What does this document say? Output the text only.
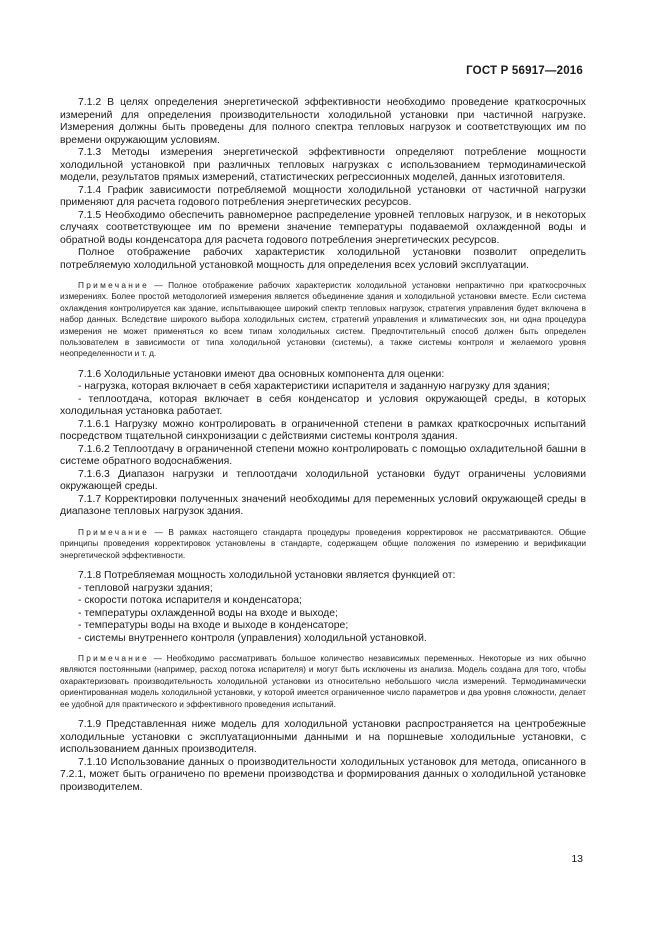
ГОСТ Р 56917—2016

7.1.2 В целях определения энергетической эффективности необходимо проведение краткосрочных измерений для определения производительности холодильной установки при частичной нагрузке. Измерения должны быть проведены для полного спектра тепловых нагрузок и соответствующих им по времени окружающим условиям.

7.1.3 Методы измерения энергетической эффективности определяют потребление мощности холодильной установкой при различных тепловых нагрузках с использованием термодинамической модели, результатов прямых измерений, статистических регрессионных моделей, данных изготовителя.

7.1.4 График зависимости потребляемой мощности холодильной установки от частичной нагрузки применяют для расчета годового потребления энергетических ресурсов.

7.1.5 Необходимо обеспечить равномерное распределение уровней тепловых нагрузок, и в некоторых случаях соответствующее им по времени значение температуры подаваемой охлажденной воды и обратной воды конденсатора для расчета годового потребления энергетических ресурсов.

Полное отображение рабочих характеристик холодильной установки позволит определить потребляемую холодильной установкой мощность для определения всех условий эксплуатации.

Примечание — Полное отображение рабочих характеристик холодильной установки непрактично при краткосрочных измерениях. Более простой методологией измерения является объединение здания и холодильной установки вместе. Если система охлаждения контролируется как здание, испытывающее широкий спектр тепловых нагрузок, стратегия управления будет включена в набор данных. Вследствие широкого выбора холодильных систем, стратегий управления и климатических зон, ни одна процедура измерения не может применяться ко всем типам холодильных систем. Предпочтительный способ должен быть определен пользователем в зависимости от типа холодильной установки (системы), а также системы контроля и желаемого уровня неопределенности и т. д.

7.1.6 Холодильные установки имеют два основных компонента для оценки:

- нагрузка, которая включает в себя характеристики испарителя и заданную нагрузку для здания;

- теплоотдача, которая включает в себя конденсатор и условия окружающей среды, в которых холодильная установка работает.

7.1.6.1 Нагрузку можно контролировать в ограниченной степени в рамках краткосрочных испытаний посредством тщательной синхронизации с действиями системы контроля здания.

7.1.6.2 Теплоотдачу в ограниченной степени можно контролировать с помощью охладительной башни в системе обратного водоснабжения.

7.1.6.3 Диапазон нагрузки и теплоотдачи холодильной установки будут ограничены условиями окружающей среды.

7.1.7 Корректировки полученных значений необходимы для переменных условий окружающей среды в диапазоне тепловых нагрузок здания.

Примечание — В рамках настоящего стандарта процедуры проведения корректировок не рассматриваются. Общие принципы проведения корректировок установлены в стандарте, содержащем общие положения по измерению и верификации энергетической эффективности.

7.1.8 Потребляемая мощность холодильной установки является функцией от:

- тепловой нагрузки здания;

- скорости потока испарителя и конденсатора;

- температуры охлажденной воды на входе и выходе;

- температуры воды на входе и выходе в конденсаторе;

- системы внутреннего контроля (управления) холодильной установкой.

Примечание — Необходимо рассматривать большое количество независимых переменных. Некоторые из них обычно являются постоянными (например, расход потока испарителя) и могут быть исключены из анализа. Модель создана для того, чтобы охарактеризовать производительность холодильной установки из относительно небольшого числа измерений. Термодинамически ориентированная модель холодильной установки, у которой имеется ограниченное число параметров и два уровня сложности, делает ее удобной для практического и эффективного проведения испытаний.

7.1.9 Представленная ниже модель для холодильной установки распространяется на центробежные холодильные установки с эксплуатационными данными и на поршневые холодильные установки, с использованием данных производителя.

7.1.10 Использование данных о производительности холодильных установок для метода, описанного в 7.2.1, может быть ограничено по времени производства и формирования данных о холодильной установке производителем.

13
